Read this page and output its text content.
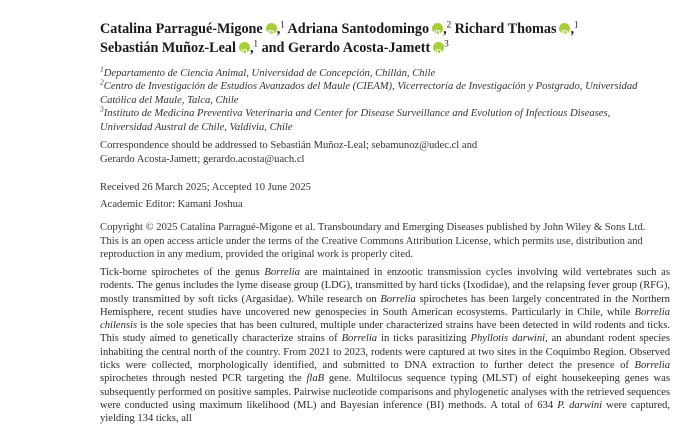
Catalina Parragué-Migone iD ,$^1$ Adriana Santodomingo iD ,$^2$ Richard Thomas iD ,$^1$
Sebastián Muñoz-Leal iD ,$^1$ and Gerardo Acosta-Jamett iD $^3$
$^1$Departamento de Ciencia Animal, Universidad de Concepción, Chillán, Chile
$^2$Centro de Investigación de Estudios Avanzados del Maule (CIEAM), Vicerrectoría de Investigación y Postgrado, Universidad Católica del Maule, Talca, Chile
$^3$Instituto de Medicina Preventiva Veterinaria and Center for Disease Surveillance and Evolution of Infectious Diseases, Universidad Austral de Chile, Valdivia, Chile
Correspondence should be addressed to Sebastián Muñoz-Leal; sebamunoz@udec.cl and
Gerardo Acosta-Jamett; gerardo.acosta@uach.cl
Received 26 March 2025; Accepted 10 June 2025
Academic Editor: Kamani Joshua
Copyright © 2025 Catalina Parragué-Migone et al. Transboundary and Emerging Diseases published by John Wiley & Sons Ltd. This is an open access article under the terms of the Creative Commons Attribution License, which permits use, distribution and reproduction in any medium, provided the original work is properly cited.
Tick-borne spirochetes of the genus Borrelia are maintained in enzootic transmission cycles involving wild vertebrates such as rodents. The genus includes the lyme disease group (LDG), transmitted by hard ticks (Ixodidae), and the relapsing fever group (RFG), mostly transmitted by soft ticks (Argasidae). While research on Borrelia spirochetes has been largely concentrated in the Northern Hemisphere, recent studies have uncovered new genospecies in South American ecosystems. Particularly in Chile, while Borrelia chilensis is the sole species that has been cultured, multiple under characterized strains have been detected in wild rodents and ticks. This study aimed to genetically characterize strains of Borrelia in ticks parasitizing Phyllotis darwini, an abundant rodent species inhabiting the central north of the country. From 2021 to 2023, rodents were captured at two sites in the Coquimbo Region. Observed ticks were collected, morphologically identified, and submitted to DNA extraction to further detect the presence of Borrelia spirochetes through nested PCR targeting the flaB gene. Multilocus sequence typing (MLST) of eight housekeeping genes was subsequently performed on positive samples. Pairwise nucleotide comparisons and phylogenetic analyses with the retrieved sequences were conducted using maximum likelihood (ML) and Bayesian inference (BI) methods. A total of 634 P. darwini were captured, yielding 134 ticks, all
